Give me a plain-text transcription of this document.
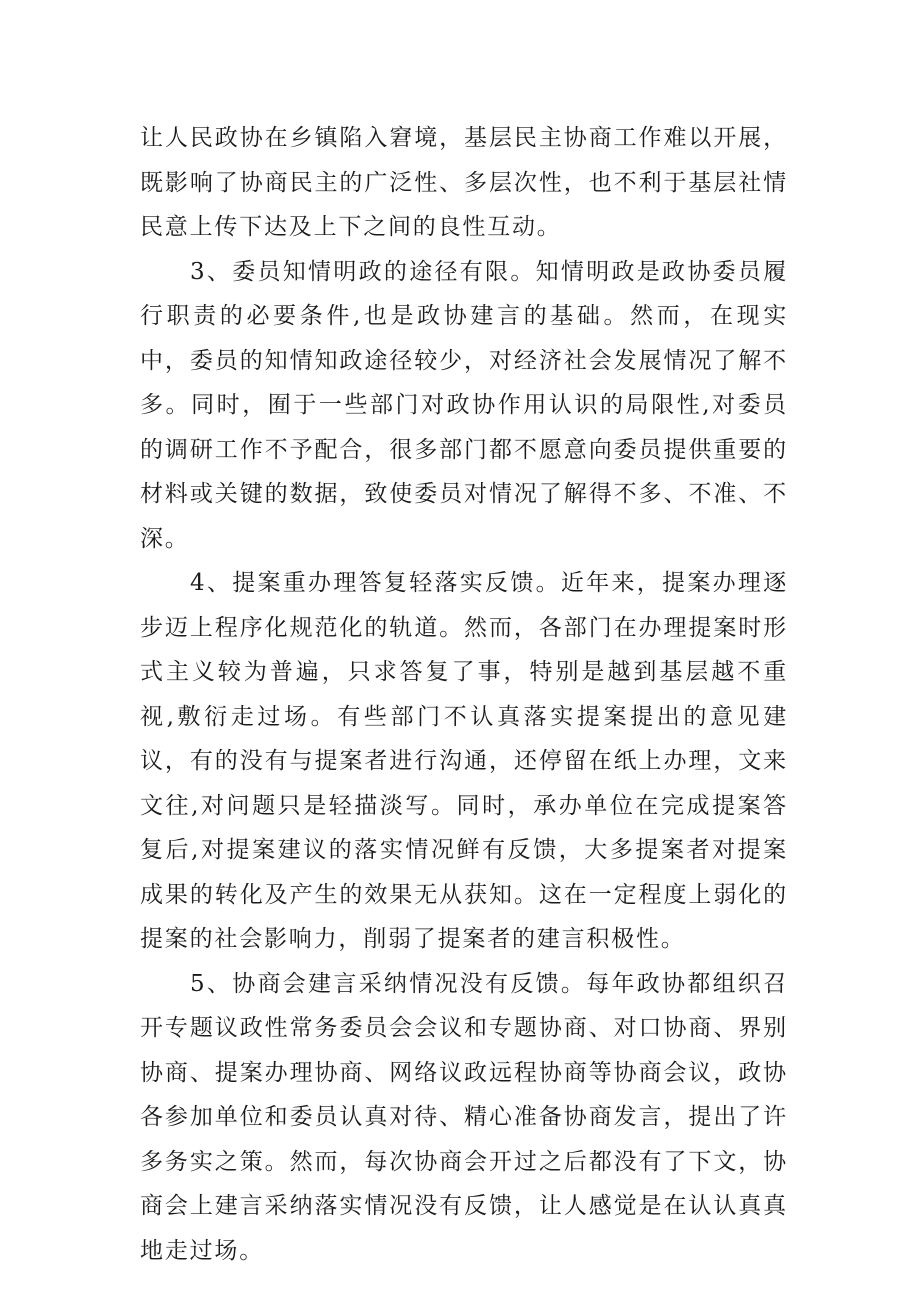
让人民政协在乡镇陷入窘境，基层民主协商工作难以开展，既影响了协商民主的广泛性、多层次性，也不利于基层社情民意上传下达及上下之间的良性互动。

3、委员知情明政的途径有限。知情明政是政协委员履行职责的必要条件,也是政协建言的基础。然而，在现实中，委员的知情知政途径较少，对经济社会发展情况了解不多。同时，囿于一些部门对政协作用认识的局限性,对委员的调研工作不予配合，很多部门都不愿意向委员提供重要的材料或关键的数据，致使委员对情况了解得不多、不准、不深。

4、提案重办理答复轻落实反馈。近年来，提案办理逐步迈上程序化规范化的轨道。然而，各部门在办理提案时形式主义较为普遍，只求答复了事，特别是越到基层越不重视,敷衍走过场。有些部门不认真落实提案提出的意见建议，有的没有与提案者进行沟通，还停留在纸上办理，文来文往,对问题只是轻描淡写。同时，承办单位在完成提案答复后,对提案建议的落实情况鲜有反馈，大多提案者对提案成果的转化及产生的效果无从获知。这在一定程度上弱化的提案的社会影响力，削弱了提案者的建言积极性。

5、协商会建言采纳情况没有反馈。每年政协都组织召开专题议政性常务委员会会议和专题协商、对口协商、界别协商、提案办理协商、网络议政远程协商等协商会议，政协各参加单位和委员认真对待、精心准备协商发言，提出了许多务实之策。然而，每次协商会开过之后都没有了下文，协商会上建言采纳落实情况没有反馈，让人感觉是在认认真真地走过场。
